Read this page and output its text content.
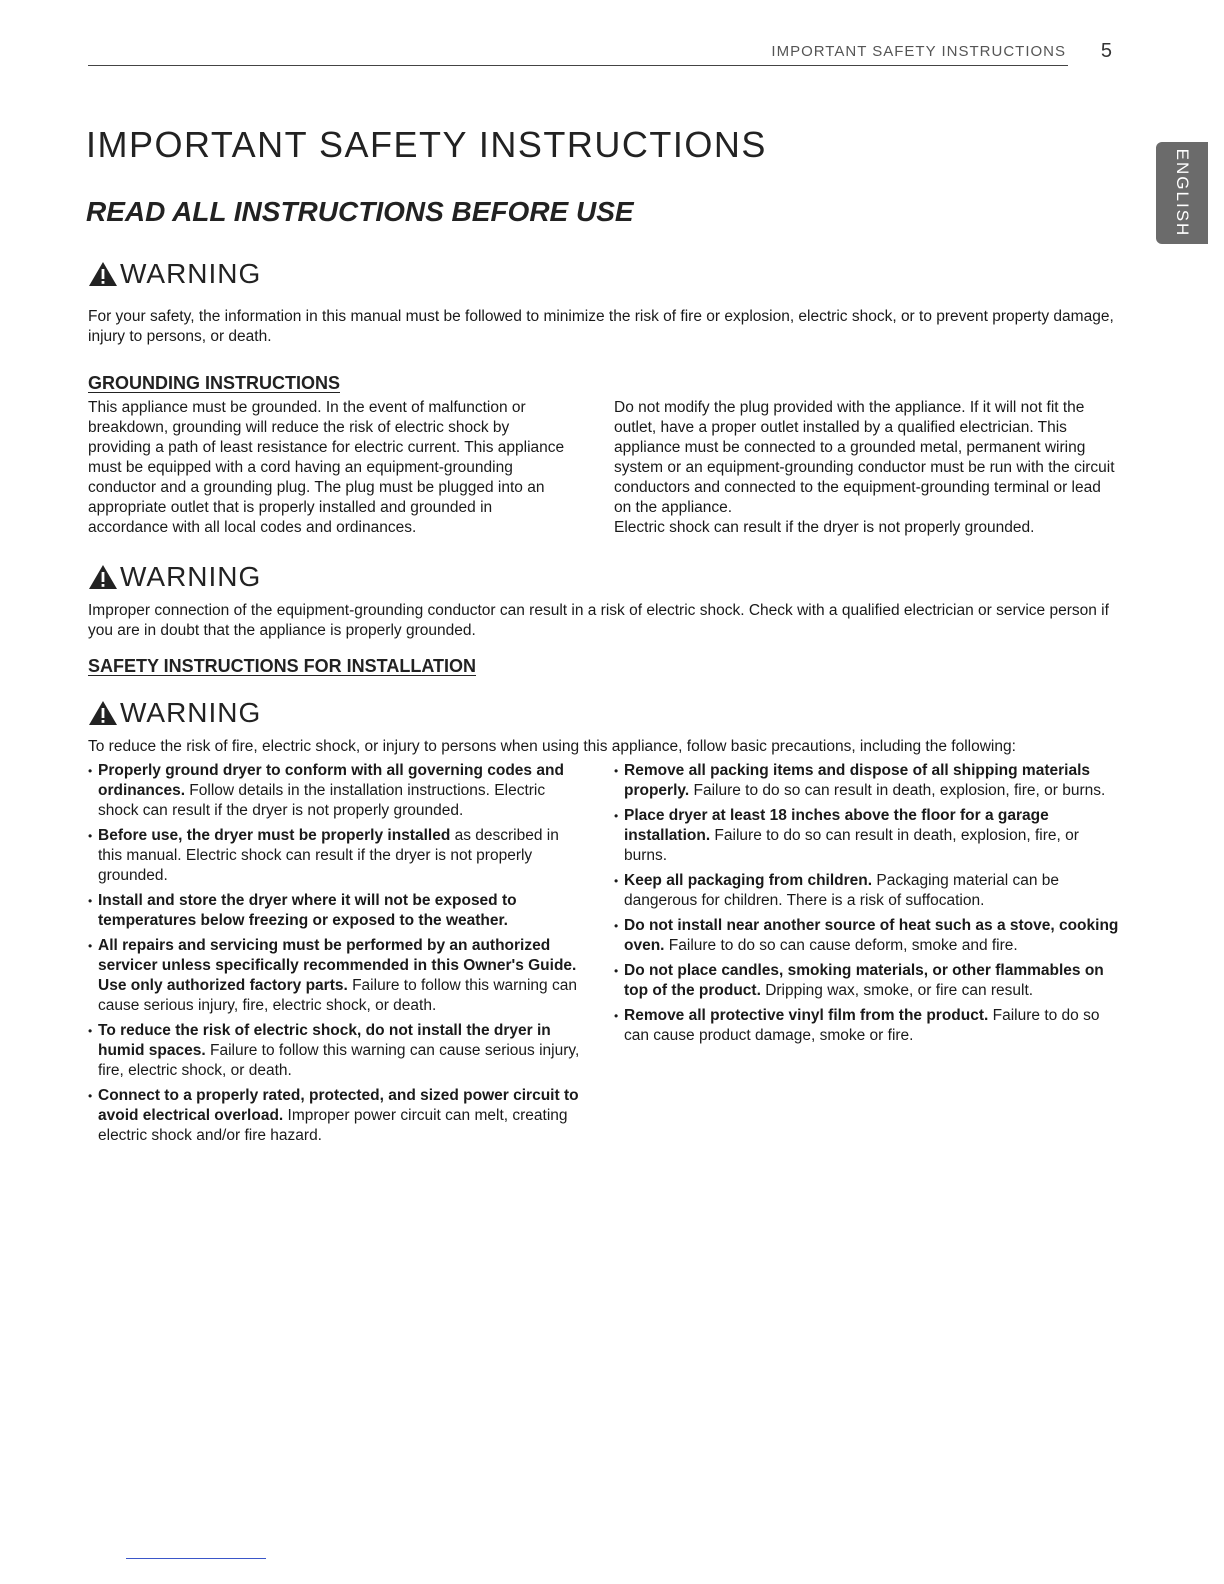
IMPORTANT SAFETY INSTRUCTIONS 5
ENGLISH
IMPORTANT SAFETY INSTRUCTIONS
READ ALL INSTRUCTIONS BEFORE USE
WARNING

For your safety, the information in this manual must be followed to minimize the risk of fire or explosion, electric shock, or to prevent property damage, injury to persons, or death.

GROUNDING INSTRUCTIONS

This appliance must be grounded. In the event of malfunction or breakdown, grounding will reduce the risk of electric shock by providing a path of least resistance for electric current. This appliance must be equipped with a cord having an equipment-grounding conductor and a grounding plug. The plug must be plugged into an appropriate outlet that is properly installed and grounded in accordance with all local codes and ordinances.

Do not modify the plug provided with the appliance. If it will not fit the outlet, have a proper outlet installed by a qualified electrician. This appliance must be connected to a grounded metal, permanent wiring system or an equipment-grounding conductor must be run with the circuit conductors and connected to the equipment-grounding terminal or lead on the appliance.
Electric shock can result if the dryer is not properly grounded.
WARNING

Improper connection of the equipment-grounding conductor can result in a risk of electric shock. Check with a qualified electrician or service person if you are in doubt that the appliance is properly grounded.

SAFETY INSTRUCTIONS FOR INSTALLATION
WARNING

To reduce the risk of fire, electric shock, or injury to persons when using this appliance, follow basic precautions, including the following:

• Properly ground dryer to conform with all governing codes and ordinances. Follow details in the installation instructions. Electric shock can result if the dryer is not properly grounded.
• Before use, the dryer must be properly installed as described in this manual. Electric shock can result if the dryer is not properly grounded.
• Install and store the dryer where it will not be exposed to temperatures below freezing or exposed to the weather.
• All repairs and servicing must be performed by an authorized servicer unless specifically recommended in this Owner's Guide. Use only authorized factory parts. Failure to follow this warning can cause serious injury, fire, electric shock, or death.
• To reduce the risk of electric shock, do not install the dryer in humid spaces. Failure to follow this warning can cause serious injury, fire, electric shock, or death.
• Connect to a properly rated, protected, and sized power circuit to avoid electrical overload. Improper power circuit can melt, creating electric shock and/or fire hazard.
• Remove all packing items and dispose of all shipping materials properly. Failure to do so can result in death, explosion, fire, or burns.
• Place dryer at least 18 inches above the floor for a garage installation. Failure to do so can result in death, explosion, fire, or burns.
• Keep all packaging from children. Packaging material can be dangerous for children. There is a risk of suffocation.
• Do not install near another source of heat such as a stove, cooking oven. Failure to do so can cause deform, smoke and fire.
• Do not place candles, smoking materials, or other flammables on top of the product. Dripping wax, smoke, or fire can result.
• Remove all protective vinyl film from the product. Failure to do so can cause product damage, smoke or fire.
